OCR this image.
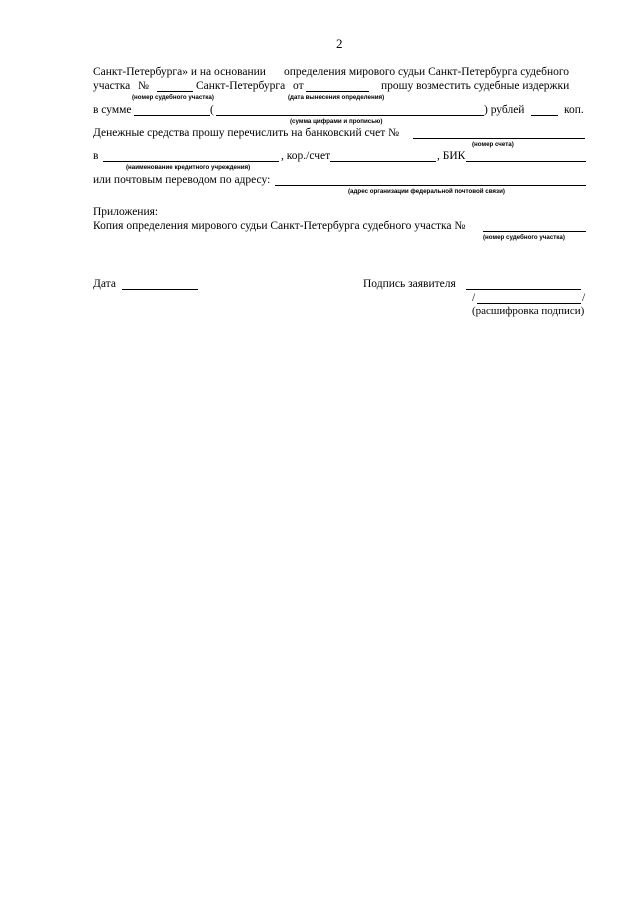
2
Санкт-Петербурга» и на основании определения мирового судьи Санкт-Петербурга судебного
участка №	Санкт-Петербурга от	прошу возместить судебные издержки
(номер судебного участка)	(дата вынесения определения)
в сумме	(	) рублей	коп.
(сумма цифрами и прописью)
Денежные средства прошу перечислить на банковский счет №
(номер счета)
в	, кор./счет	, БИК
(наименование кредитного учреждения)
или почтовым переводом по адресу:
(адрес организации федеральной почтовой связи)
Приложения:
Копия определения мирового судьи Санкт-Петербурга судебного участка №
(номер судебного участка)
Дата	Подпись заявителя
/	/
(расшифровка подписи)
